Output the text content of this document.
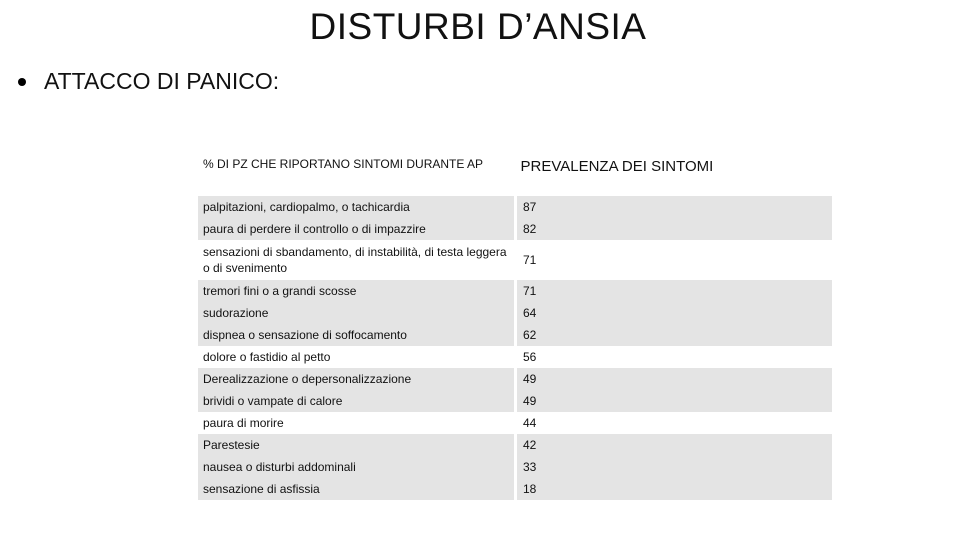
DISTURBI D’ANSIA
ATTACCO DI PANICO:
% DI PZ CHE RIPORTANO SINTOMI DURANTE AP	PREVALENZA DEI SINTOMI
palpitazioni, cardiopalmo, o tachicardia	87
paura di perdere il controllo o di impazzire	82
sensazioni di sbandamento, di instabilità, di testa leggera o di svenimento	71
tremori fini o a grandi scosse	71
sudorazione	64
dispnea o sensazione di soffocamento	62
dolore o fastidio al petto	56
Derealizzazione o depersonalizzazione	49
brividi o vampate di calore	49
paura di morire	44
Parestesie	42
nausea o disturbi addominali	33
sensazione di asfissia	18
